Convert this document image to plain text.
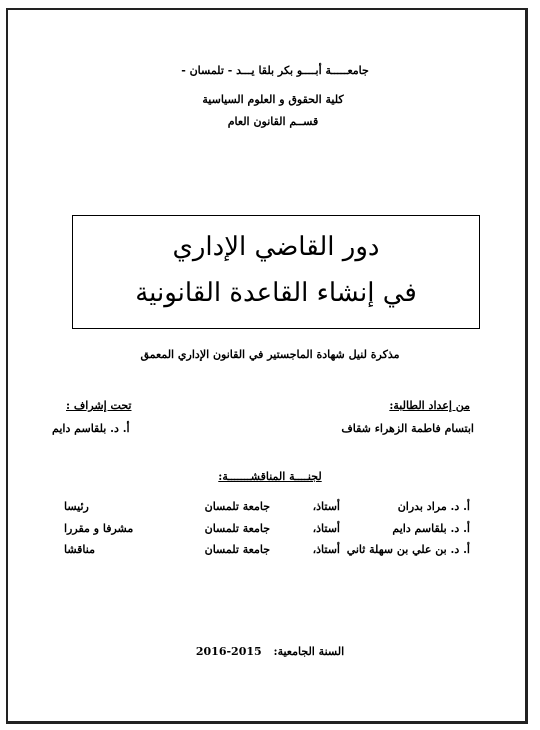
جامعـــــة أبــــو بكر بلقا يـــد - تلمسان -
كلية الحقوق و العلوم السياسية
قســم القانون العام
دور القاضي الإداري
في إنشاء القاعدة القانونية
مذكرة لنيل شهادة الماجستير في القانون الإداري المعمق
من إعداد الطالبة:
ابتسام فاطمة الزهراء شقاف
تحت إشراف :
أ. د. بلقاسم دايم
لجنــــة المناقشـــــــة:
أ. د. مراد بدران
أستاذ،
جامعة تلمسان
رئيسا
أ. د. بلقاسم دايم
أستاذ،
جامعة تلمسان
مشرفا و مقررا
أ. د. بن علي بن سهلة ثاني
أستاذ،
جامعة تلمسان
مناقشا
السنة الجامعية: 2016-2015
